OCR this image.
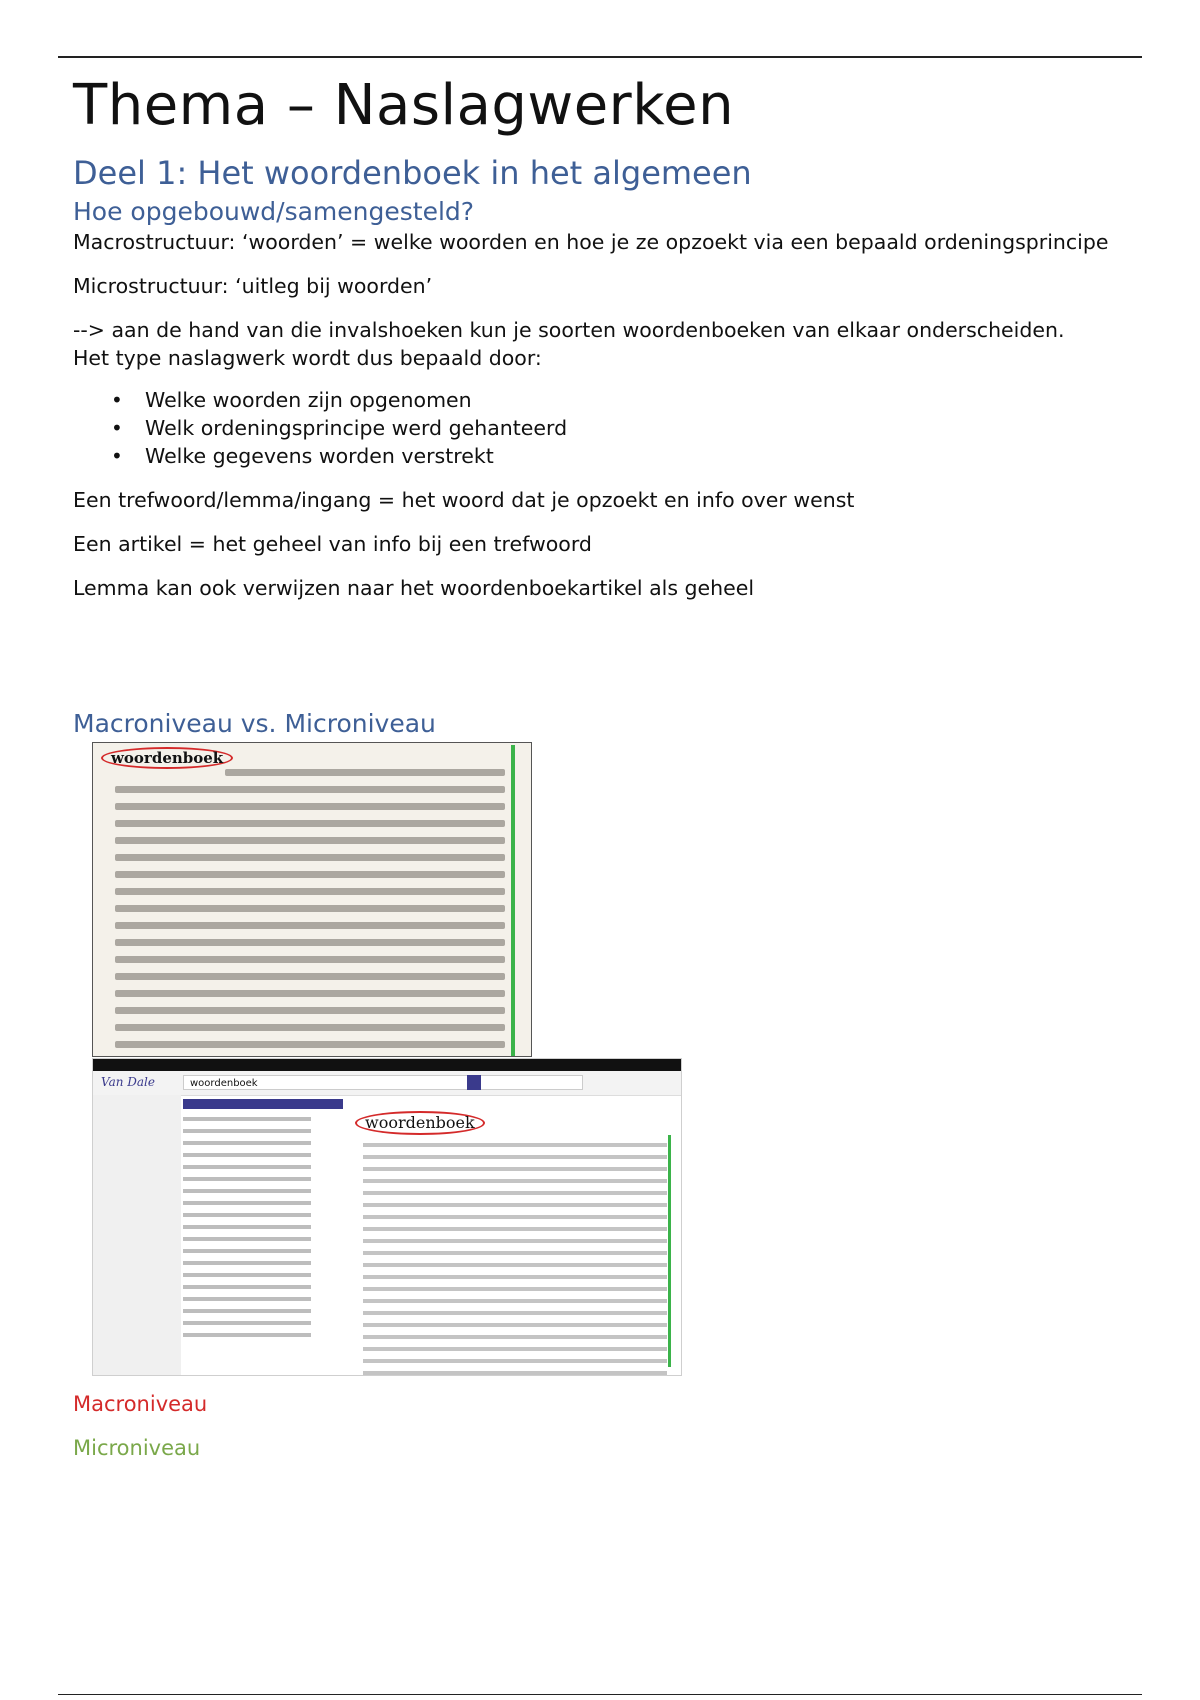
Thema – Naslagwerken
Deel 1: Het woordenboek in het algemeen
Hoe opgebouwd/samengesteld?

Macrostructuur: ‘woorden’ = welke woorden en hoe je ze opzoekt via een bepaald ordeningsprincipe

Microstructuur: ‘uitleg bij woorden’

--> aan de hand van die invalshoeken kun je soorten woordenboeken van elkaar onderscheiden.

Het type naslagwerk wordt dus bepaald door:

• Welke woorden zijn opgenomen
• Welk ordeningsprincipe werd gehanteerd
• Welke gegevens worden verstrekt

Een trefwoord/lemma/ingang = het woord dat je opzoekt en info over wenst

Een artikel = het geheel van info bij een trefwoord

Lemma kan ook verwijzen naar het woordenboekartikel als geheel

Macroniveau vs. Microniveau
woordenboek
Van Dale	woordenboek
woordenboek
Macroniveau
Microniveau
